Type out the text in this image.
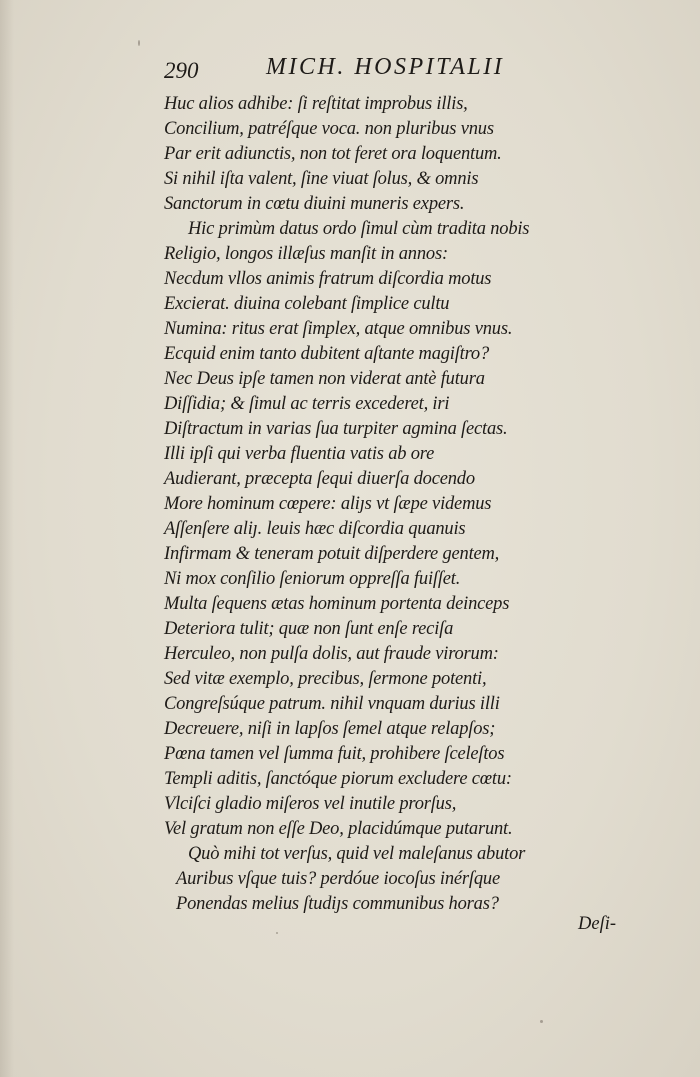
290	MICH. HOSPITALII
Huc alios adhibe: ſi reſtitat improbus illis,
Concilium, patréſque voca. non pluribus vnus
Par erit adiunctis, non tot feret ora loquentum.
Si nihil iſta valent, ſine viuat ſolus, & omnis
Sanctorum in cœtu diuini muneris expers.
Hic primùm datus ordo ſimul cùm tradita nobis
Religio, longos illæſus manſit in annos:
Necdum vllos animis fratrum diſcordia motus
Excierat. diuina colebant ſimplice cultu
Numina: ritus erat ſimplex, atque omnibus vnus.
Ecquid enim tanto dubitent aſtante magiſtro?
Nec Deus ipſe tamen non viderat antè futura
Diſſidia; & ſimul ac terris excederet, iri
Diſtractum in varias ſua turpiter agmina ſectas.
Illi ipſi qui verba fluentia vatis ab ore
Audierant, præcepta ſequi diuerſa docendo
More hominum cœpere: aliȷs vt ſæpe videmus
Aſſenſere aliȷ. leuis hæc diſcordia quanuis
Infirmam & teneram potuit diſperdere gentem,
Ni mox conſilio ſeniorum oppreſſa fuiſſet.
Multa ſequens ætas hominum portenta deinceps
Deteriora tulit; quæ non ſunt enſe reciſa
Herculeo, non pulſa dolis, aut fraude virorum:
Sed vitæ exemplo, precibus, ſermone potenti,
Congreſsúque patrum. nihil vnquam durius illi
Decreuere, niſi in lapſos ſemel atque relapſos;
Pœna tamen vel ſumma fuit, prohibere ſceleſtos
Templi aditis, ſanctóque piorum excludere cœtu:
Vlciſci gladio miſeros vel inutile prorſus,
Vel gratum non eſſe Deo, placidúmque putarunt.
Quò mihi tot verſus, quid vel maleſanus abutor
Auribus vſque tuis? perdóue iocoſus inérſque
Ponendas melius ſtudiȷs communibus horas?
Deſi-
